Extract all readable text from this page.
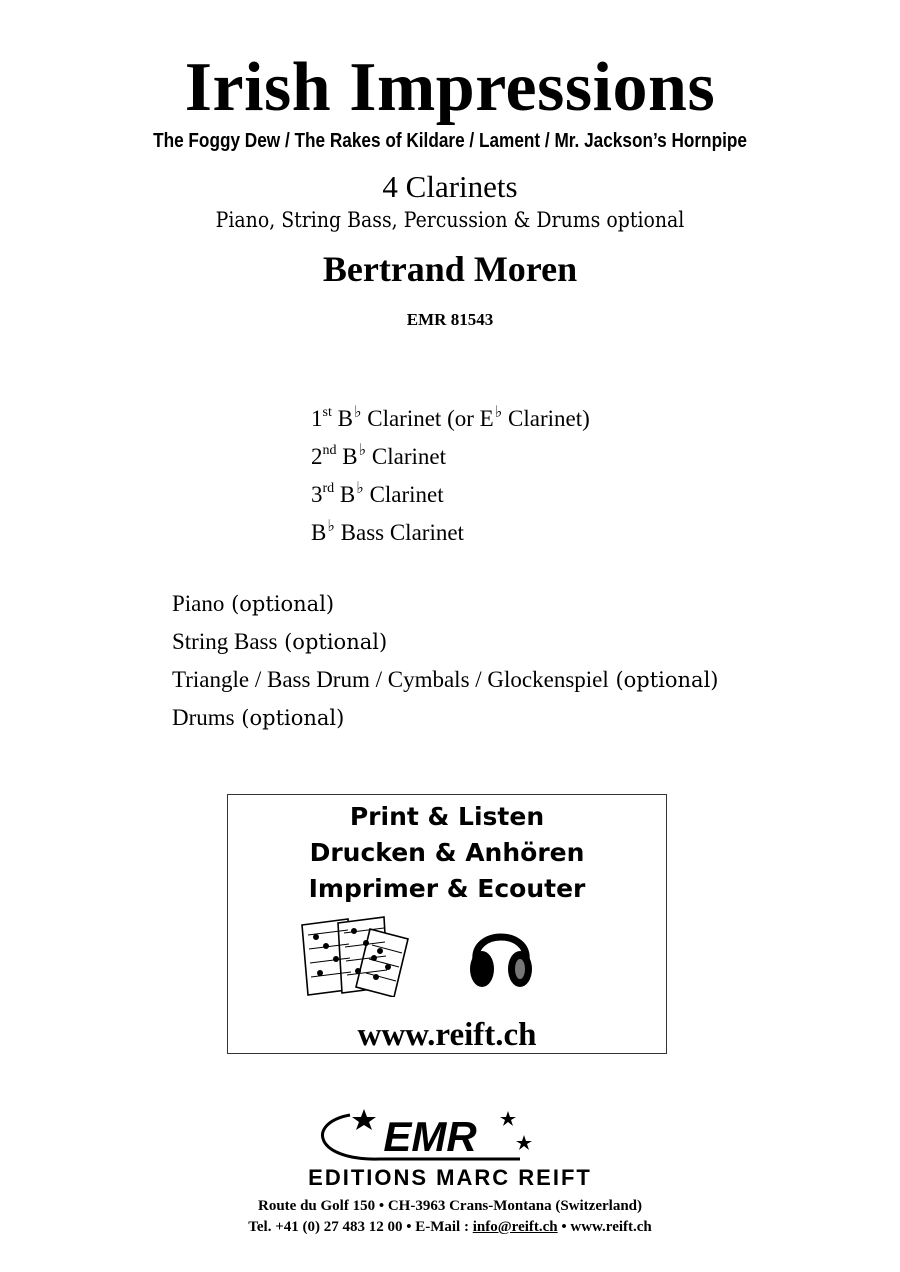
Irish Impressions
The Foggy Dew / The Rakes of Kildare / Lament / Mr. Jackson’s Hornpipe
4 Clarinets
Piano, String Bass, Percussion & Drums optional
Bertrand Moren
EMR 81543
1st B♭ Clarinet (or E♭ Clarinet)
2nd B♭ Clarinet
3rd B♭ Clarinet
B♭ Bass Clarinet
Piano (optional)
String Bass (optional)
Triangle / Bass Drum / Cymbals / Glockenspiel (optional)
Drums (optional)
Print & Listen
Drucken & Anhören
Imprimer & Ecouter
www.reift.ch
EMR
EDITIONS MARC REIFT
Route du Golf 150 • CH-3963 Crans-Montana (Switzerland)
Tel. +41 (0) 27 483 12 00 • E-Mail : info@reift.ch • www.reift.ch
